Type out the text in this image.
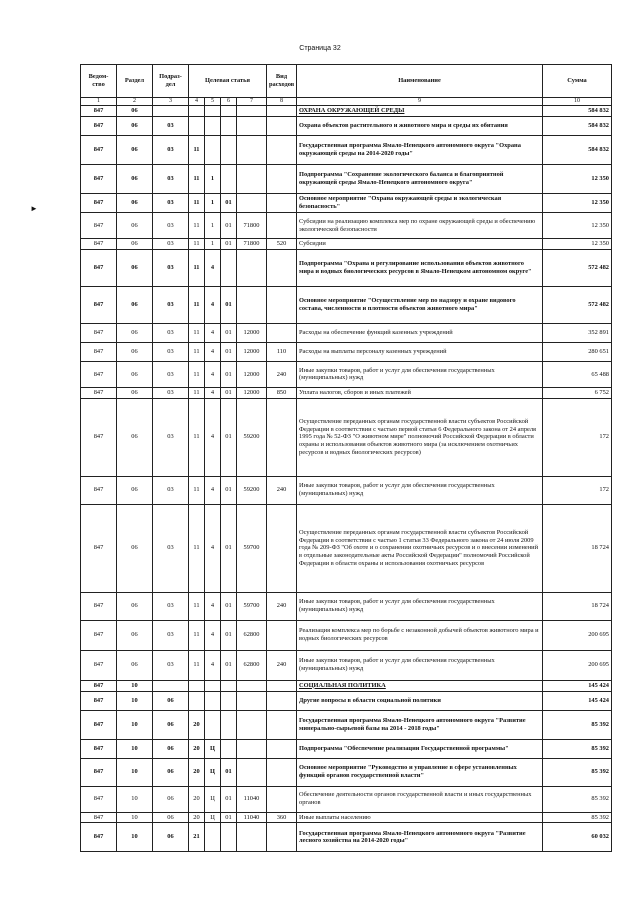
Страница 32
►
Ведом-ство	Раздел	Подраз-дел	Целевая статья				Вид расходов	Наименование	Сумма
1	2	3	4	5	6	7	8	9	10
847	06							ОХРАНА ОКРУЖАЮЩЕЙ СРЕДЫ	584 832
847	06	03						Охрана объектов растительного и животного мира и среды их обитания	584 832
847	06	03	11					Государственная программа Ямало-Ненецкого автономного округа "Охрана окружающей среды на 2014-2020 годы"	584 832
847	06	03	11	1				Подпрограмма "Сохранение экологического баланса и благоприятной окружающей среды Ямало-Ненецкого автономного округа"	12 350
847	06	03	11	1	01			Основное мероприятие "Охрана окружающей среды и экологическая безопасность"	12 350
847	06	03	11	1	01	71800		Субсидии на реализацию комплекса мер по охране окружающей среды и обеспечению экологической безопасности	12 350
847	06	03	11	1	01	71800	520	Субсидии	12 350
847	06	03	11	4				Подпрограмма "Охрана и регулирование использования объектов животного мира и водных биологических ресурсов в Ямало-Ненецком автономном округе"	572 482
847	06	03	11	4	01			Основное мероприятие "Осуществление мер по надзору и охране видового состава, численности и плотности объектов животного мира"	572 482
847	06	03	11	4	01	12000		Расходы на обеспечение функций казенных учреждений	352 891
847	06	03	11	4	01	12000	110	Расходы на выплаты персоналу казенных учреждений	280 651
847	06	03	11	4	01	12000	240	Иные закупки товаров, работ и услуг для обеспечения государственных (муниципальных) нужд	65 488
847	06	03	11	4	01	12000	850	Уплата налогов, сборов и иных платежей	6 752
847	06	03	11	4	01	59200		Осуществление переданных органам государственной власти субъектов Российской Федерации в соответствии с частью первой статьи 6 Федерального закона от 24 апреля 1995 года № 52-ФЗ "О животном мире" полномочий Российской Федерации в области охраны и использования объектов животного мира (за исключением охотничьих ресурсов и водных биологических ресурсов)	172
847	06	03	11	4	01	59200	240	Иные закупки товаров, работ и услуг для обеспечения государственных (муниципальных) нужд	172
847	06	03	11	4	01	59700		Осуществление переданных органам государственной власти субъектов Российской Федерации в соответствии с частью 1 статьи 33 Федерального закона от 24 июля 2009 года № 209-ФЗ "Об охоте и о сохранении охотничьих ресурсов и о внесении изменений в отдельные законодательные акты Российской Федерации" полномочий Российской Федерации в области охраны и использования охотничьих ресурсов	18 724
847	06	03	11	4	01	59700	240	Иные закупки товаров, работ и услуг для обеспечения государственных (муниципальных) нужд	18 724
847	06	03	11	4	01	62800		Реализация комплекса мер по борьбе с незаконной добычей объектов животного мира и водных биологических ресурсов	200 695
847	06	03	11	4	01	62800	240	Иные закупки товаров, работ и услуг для обеспечения государственных (муниципальных) нужд	200 695
847	10							СОЦИАЛЬНАЯ ПОЛИТИКА	145 424
847	10	06						Другие вопросы в области социальной политики	145 424
847	10	06	20					Государственная программа Ямало-Ненецкого автономного округа "Развитие минерально-сырьевой базы на 2014 - 2018 годы"	85 392
847	10	06	20	Ц				Подпрограмма "Обеспечение реализации Государственной программы"	85 392
847	10	06	20	Ц	01			Основное мероприятие "Руководство и управление в сфере установленных функций органов государственной власти"	85 392
847	10	06	20	Ц	01	11040		Обеспечение деятельности органов государственной власти и иных государственных органов	85 392
847	10	06	20	Ц	01	11040	360	Иные выплаты населению	85 392
847	10	06	21					Государственная программа Ямало-Ненецкого автономного округа "Развитие лесного хозяйства на 2014-2020 годы"	60 032
